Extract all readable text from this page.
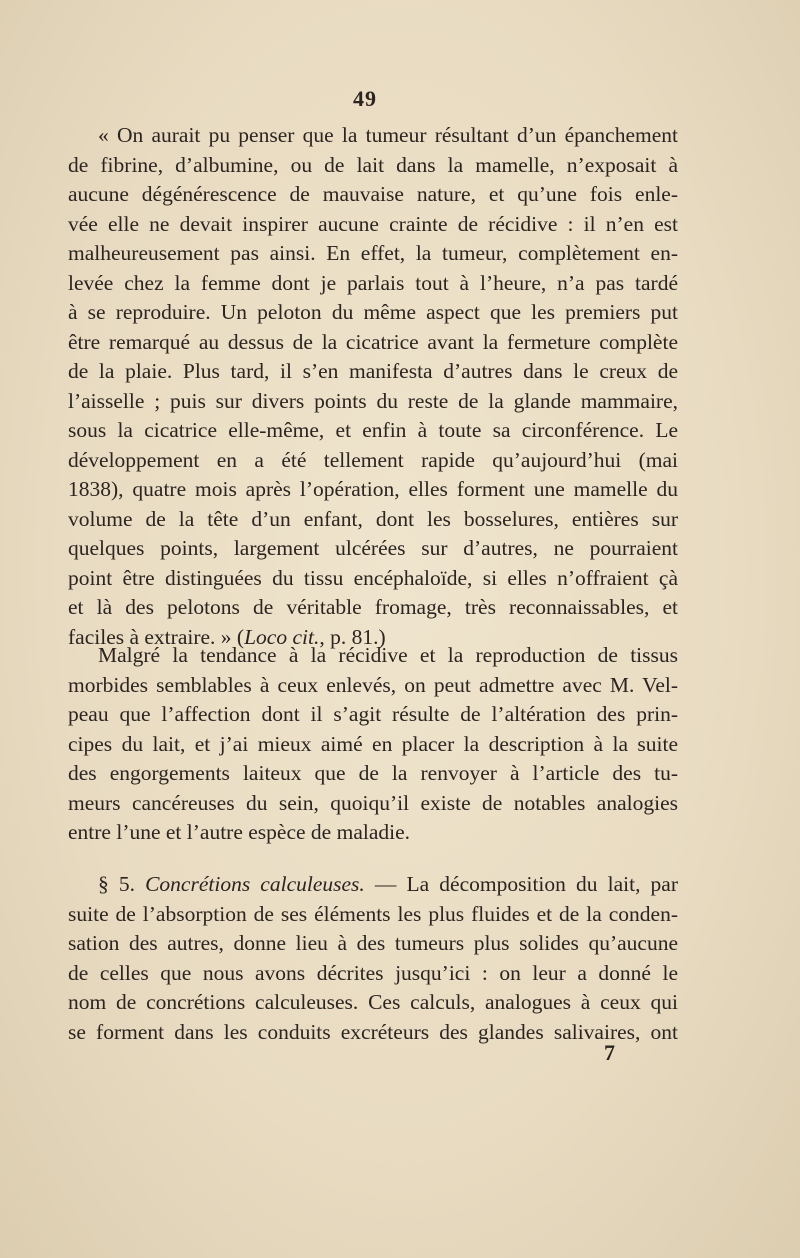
49
« On aurait pu penser que la tumeur résultant d’un épanchement
de fibrine, d’albumine, ou de lait dans la mamelle, n’exposait à
aucune dégénérescence de mauvaise nature, et qu’une fois enle-
vée elle ne devait inspirer aucune crainte de récidive : il n’en est
malheureusement pas ainsi. En effet, la tumeur, complètement en-
levée chez la femme dont je parlais tout à l’heure, n’a pas tardé
à se reproduire. Un peloton du même aspect que les premiers put
être remarqué au dessus de la cicatrice avant la fermeture complète
de la plaie. Plus tard, il s’en manifesta d’autres dans le creux de
l’aisselle ; puis sur divers points du reste de la glande mammaire,
sous la cicatrice elle-même, et enfin à toute sa circonférence. Le
développement en a été tellement rapide qu’aujourd’hui (mai
1838), quatre mois après l’opération, elles forment une mamelle du
volume de la tête d’un enfant, dont les bosselures, entières sur
quelques points, largement ulcérées sur d’autres, ne pourraient
point être distinguées du tissu encéphaloïde, si elles n’offraient çà
et là des pelotons de véritable fromage, très reconnaissables, et
faciles à extraire. » (Loco cit., p. 81.)
Malgré la tendance à la récidive et la reproduction de tissus
morbides semblables à ceux enlevés, on peut admettre avec M. Vel-
peau que l’affection dont il s’agit résulte de l’altération des prin-
cipes du lait, et j’ai mieux aimé en placer la description à la suite
des engorgements laiteux que de la renvoyer à l’article des tu-
meurs cancéreuses du sein, quoiqu’il existe de notables analogies
entre l’une et l’autre espèce de maladie.
§ 5. Concrétions calculeuses. — La décomposition du lait, par
suite de l’absorption de ses éléments les plus fluides et de la conden-
sation des autres, donne lieu à des tumeurs plus solides qu’aucune
de celles que nous avons décrites jusqu’ici : on leur a donné le
nom de concrétions calculeuses. Ces calculs, analogues à ceux qui
se forment dans les conduits excréteurs des glandes salivaires, ont
7
